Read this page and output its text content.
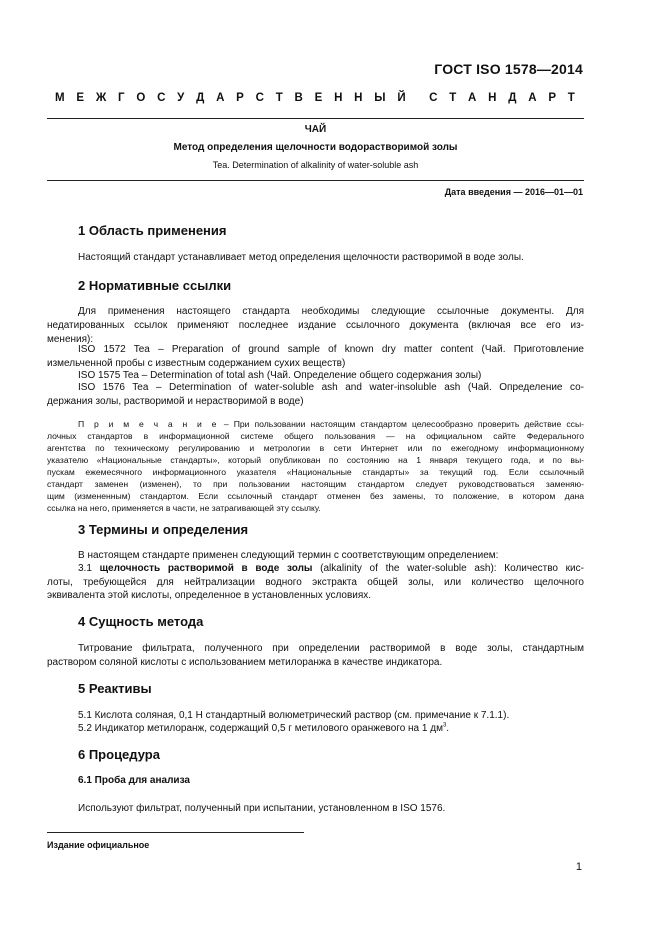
ГОСТ ISO 1578—2014
М Е Ж Г О С У Д А Р С Т В Е Н Н Ы Й С Т А Н Д А Р Т
ЧАЙ
Метод определения щелочности водорастворимой золы
Tea. Determination of alkalinity of water-soluble ash
Дата введения — 2016—01—01
1 Область применения
Настоящий стандарт устанавливает метод определения щелочности растворимой в воде золы.
2 Нормативные ссылки
Для применения настоящего стандарта необходимы следующие ссылочные документы. Для
недатированных ссылок применяют последнее издание ссылочного документа (включая все его из-
менения):
ISO 1572 Tea – Preparation of ground sample of known dry matter content (Чай. Приготовление
измельченной пробы с известным содержанием сухих веществ)
ISO 1575 Tea – Determination of total ash (Чай. Определение общего содержания золы)
ISO 1576 Tea – Determination of water-soluble ash and water-insoluble ash (Чай. Определение со-
держания золы, растворимой и нерастворимой в воде)
П р и м е ч а н и е – При пользовании настоящим стандартом целесообразно проверить действие ссы-
лочных стандартов в информационной системе общего пользования — на официальном сайте Федерального
агентства по техническому регулированию и метрологии в сети Интернет или по ежегодному информационному
указателю «Национальные стандарты», который опубликован по состоянию на 1 января текущего года, и по вы-
пускам ежемесячного информационного указателя «Национальные стандарты» за текущий год. Если ссылочный
стандарт заменен (изменен), то при пользовании настоящим стандартом следует руководствоваться заменяю-
щим (измененным) стандартом. Если ссылочный стандарт отменен без замены, то положение, в котором дана
ссылка на него, применяется в части, не затрагивающей эту ссылку.
3 Термины и определения
В настоящем стандарте применен следующий термин с соответствующим определением:
3.1 щелочность растворимой в воде золы (alkalinity of the water-soluble ash): Количество кис-
лоты, требующейся для нейтрализации водного экстракта общей золы, или количество щелочного
эквивалента этой кислоты, определенное в установленных условиях.
4 Сущность метода
Титрование фильтрата, полученного при определении растворимой в воде золы, стандартным
раствором соляной кислоты с использованием метилоранжа в качестве индикатора.
5 Реактивы
5.1 Кислота соляная, 0,1 Н стандартный волюметрический раствор (см. примечание к 7.1.1).
5.2 Индикатор метилоранж, содержащий 0,5 г метилового оранжевого на 1 $дм^3$.
6 Процедура
6.1 Проба для анализа
Используют фильтрат, полученный при испытании, установленном в ISO 1576.
Издание официальное
1
